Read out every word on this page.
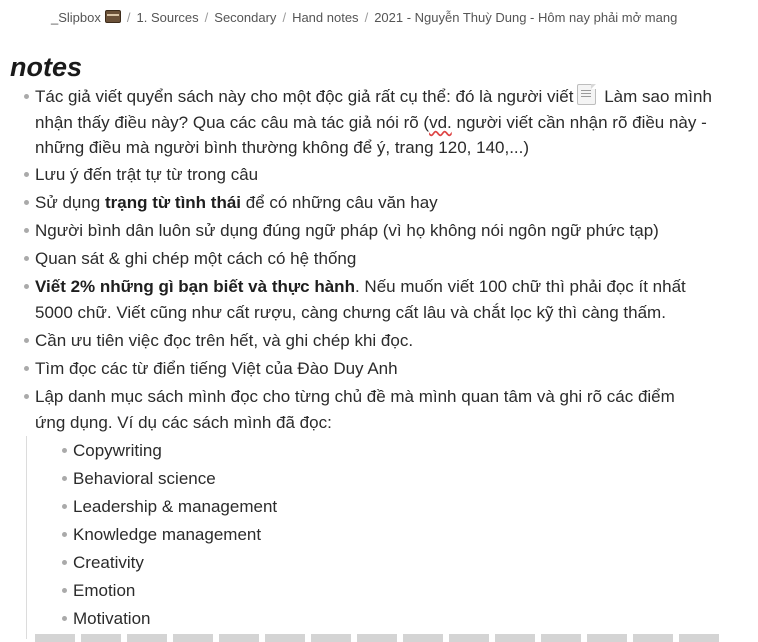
_Slipbox	/ 1. Sources / Secondary / Hand notes / 2021 - Nguyễn Thuỳ Dung - Hôm nay phải mở mang
notes
Tác giả viết quyển sách này cho một độc giả rất cụ thể: đó là người viết Làm sao mình nhận thấy điều này? Qua các câu mà tác giả nói rõ (vd. người viết cần nhận rõ điều này - những điều mà người bình thường không để ý, trang 120, 140,...)
Lưu ý đến trật tự từ trong câu
Sử dụng trạng từ tình thái để có những câu văn hay
Người bình dân luôn sử dụng đúng ngữ pháp (vì họ không nói ngôn ngữ phức tạp)
Quan sát & ghi chép một cách có hệ thống
Viết 2% những gì bạn biết và thực hành. Nếu muốn viết 100 chữ thì phải đọc ít nhất 5000 chữ. Viết cũng như cất rượu, càng chưng cất lâu và chắt lọc kỹ thì càng thấm.
Cần ưu tiên việc đọc trên hết, và ghi chép khi đọc.
Tìm đọc các từ điển tiếng Việt của Đào Duy Anh
Lập danh mục sách mình đọc cho từng chủ đề mà mình quan tâm và ghi rõ các điểm ứng dụng. Ví dụ các sách mình đã đọc:
Copywriting
Behavioral science
Leadership & management
Knowledge management
Creativity
Emotion
Motivation
